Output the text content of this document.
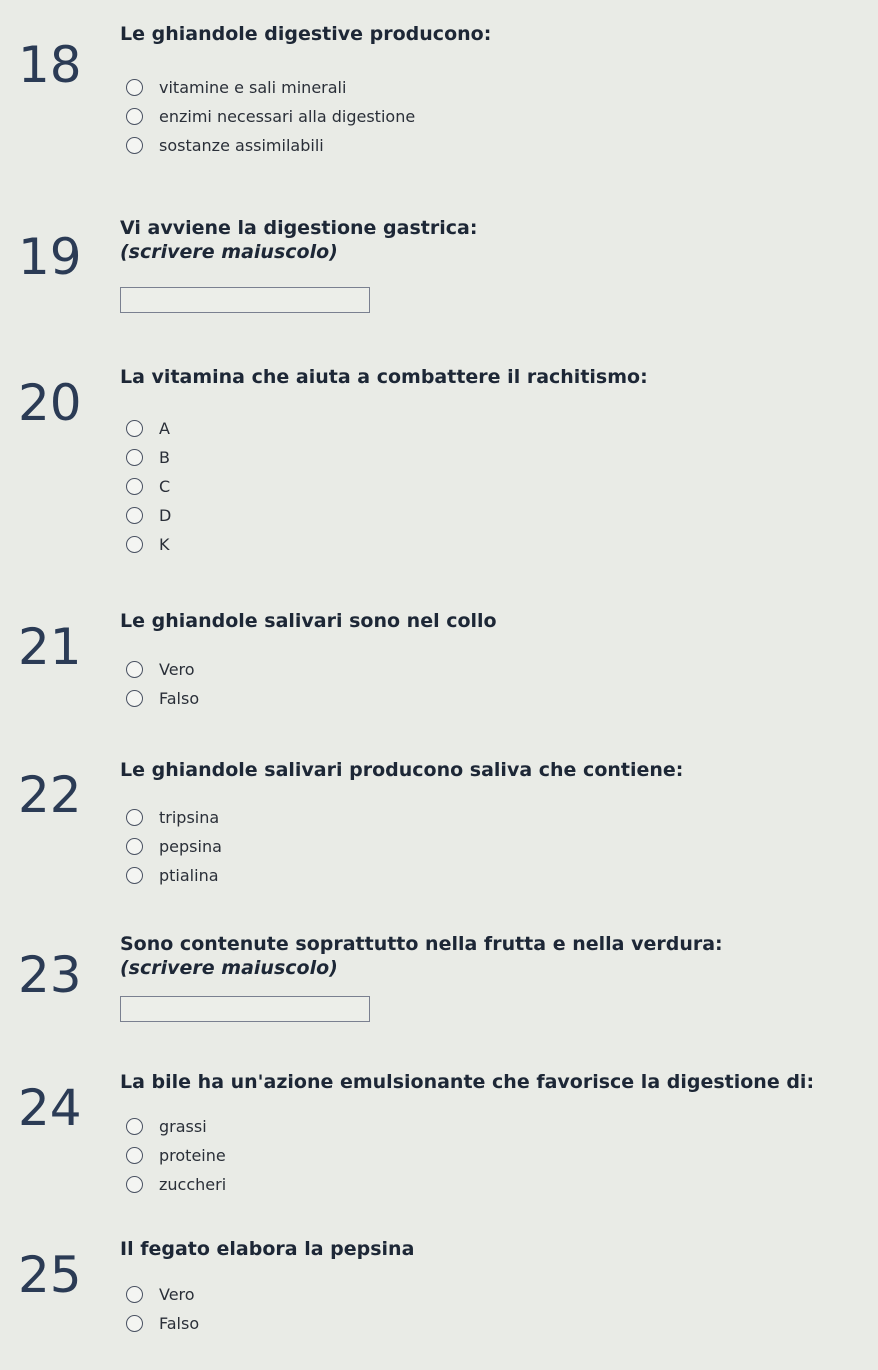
18
Le ghiandole digestive producono:
vitamine e sali minerali
enzimi necessari alla digestione
sostanze assimilabili
19 Vi avviene la digestione gastrica:
(scrivere maiuscolo)
20 La vitamina che aiuta a combattere il rachitismo:
A
B
C
D
K
21 Le ghiandole salivari sono nel collo
Vero
Falso
22 Le ghiandole salivari producono saliva che contiene:
tripsina
pepsina
ptialina
23
Sono contenute soprattutto nella frutta e nella verdura:
(scrivere maiuscolo)
24 La bile ha un'azione emulsionante che favorisce la digestione di:
grassi
proteine
zuccheri
25 Il fegato elabora la pepsina
Vero
Falso
